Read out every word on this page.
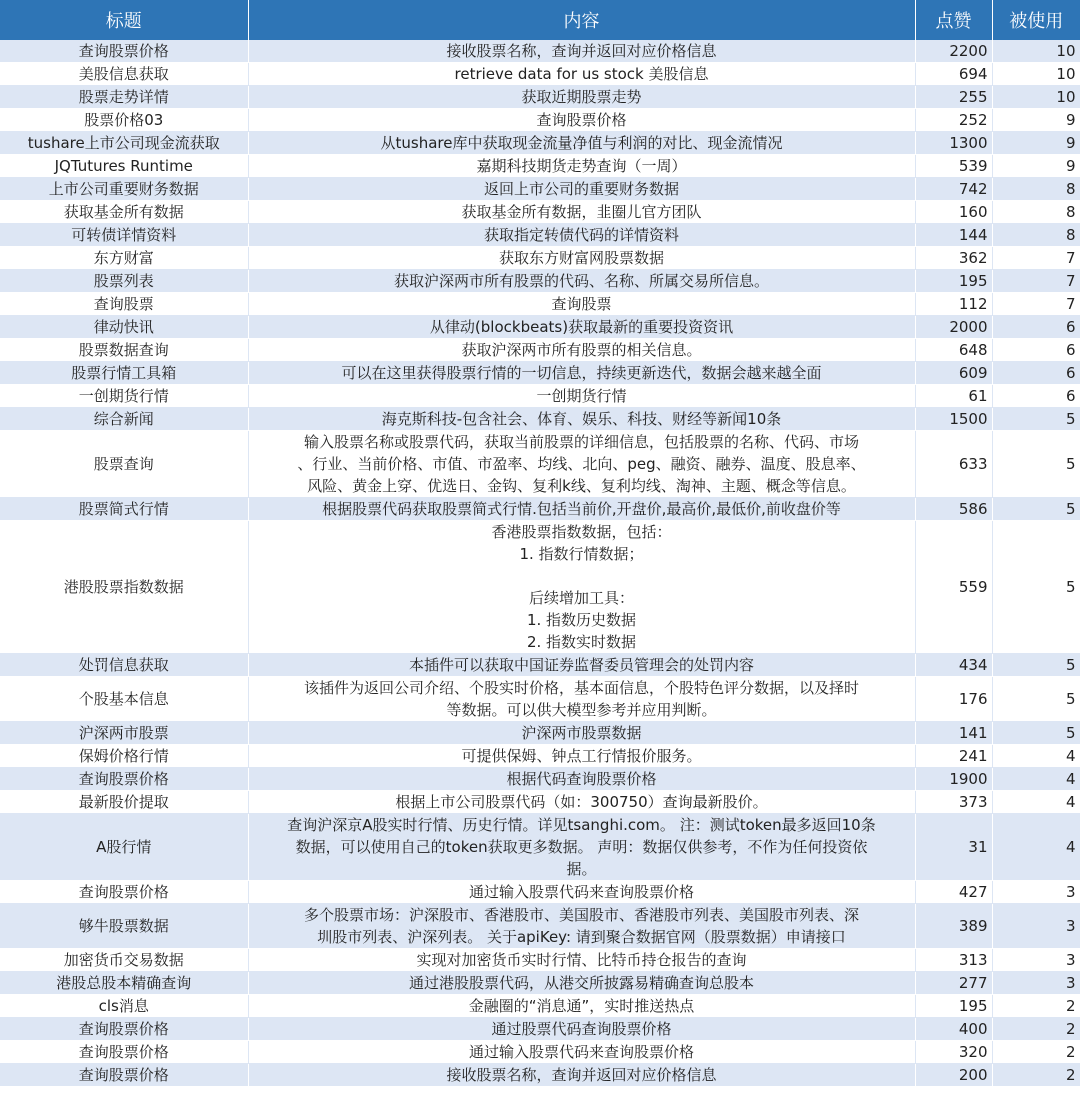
标题	内容	点赞	被使用
查询股票价格	接收股票名称，查询并返回对应价格信息	2200	10
美股信息获取	retrieve data for us stock 美股信息	694	10
股票走势详情	获取近期股票走势	255	10
股票价格03	查询股票价格	252	9
tushare上市公司现金流获取	从tushare库中获取现金流量净值与利润的对比、现金流情况	1300	9
JQTutures Runtime	嘉期科技期货走势查询（一周）	539	9
上市公司重要财务数据	返回上市公司的重要财务数据	742	8
获取基金所有数据	获取基金所有数据，韭圈儿官方团队	160	8
可转债详情资料	获取指定转债代码的详情资料	144	8
东方财富	获取东方财富网股票数据	362	7
股票列表	获取沪深两市所有股票的代码、名称、所属交易所信息。	195	7
查询股票	查询股票	112	7
律动快讯	从律动(blockbeats)获取最新的重要投资资讯	2000	6
股票数据查询	获取沪深两市所有股票的相关信息。	648	6
股票行情工具箱	可以在这里获得股票行情的一切信息，持续更新迭代，数据会越来越全面	609	6
一创期货行情	一创期货行情	61	6
综合新闻	海克斯科技-包含社会、体育、娱乐、科技、财经等新闻10条	1500	5
股票查询	输入股票名称或股票代码，获取当前股票的详细信息，包括股票的名称、代码、市场
、行业、当前价格、市值、市盈率、均线、北向、peg、融资、融券、温度、股息率、
风险、黄金上穿、优选日、金钩、复利k线、复利均线、淘神、主题、概念等信息。	633	5
股票简式行情	根据股票代码获取股票简式行情.包括当前价,开盘价,最高价,最低价,前收盘价等	586	5
港股股票指数数据	香港股票指数数据，包括：
1. 指数行情数据；

后续增加工具：
1. 指数历史数据
2. 指数实时数据	559	5
处罚信息获取	本插件可以获取中国证券监督委员管理会的处罚内容	434	5
个股基本信息	该插件为返回公司介绍、个股实时价格，基本面信息，个股特色评分数据，以及择时
等数据。可以供大模型参考并应用判断。	176	5
沪深两市股票	沪深两市股票数据	141	5
保姆价格行情	可提供保姆、钟点工行情报价服务。	241	4
查询股票价格	根据代码查询股票价格	1900	4
最新股价提取	根据上市公司股票代码（如：300750）查询最新股价。	373	4
A股行情	查询沪深京A股实时行情、历史行情。详见tsanghi.com。 注：测试token最多返回10条
数据，可以使用自己的token获取更多数据。 声明：数据仅供参考，不作为任何投资依
据。	31	4
查询股票价格	通过输入股票代码来查询股票价格	427	3
够牛股票数据	多个股票市场：沪深股市、香港股市、美国股市、香港股市列表、美国股市列表、深
圳股市列表、沪深列表。 关于apiKey: 请到聚合数据官网（股票数据）申请接口	389	3
加密货币交易数据	实现对加密货币实时行情、比特币持仓报告的查询	313	3
港股总股本精确查询	通过港股股票代码，从港交所披露易精确查询总股本	277	3
cls消息	金融圈的“消息通”，实时推送热点	195	2
查询股票价格	通过股票代码查询股票价格	400	2
查询股票价格	通过输入股票代码来查询股票价格	320	2
查询股票价格	接收股票名称，查询并返回对应价格信息	200	2
